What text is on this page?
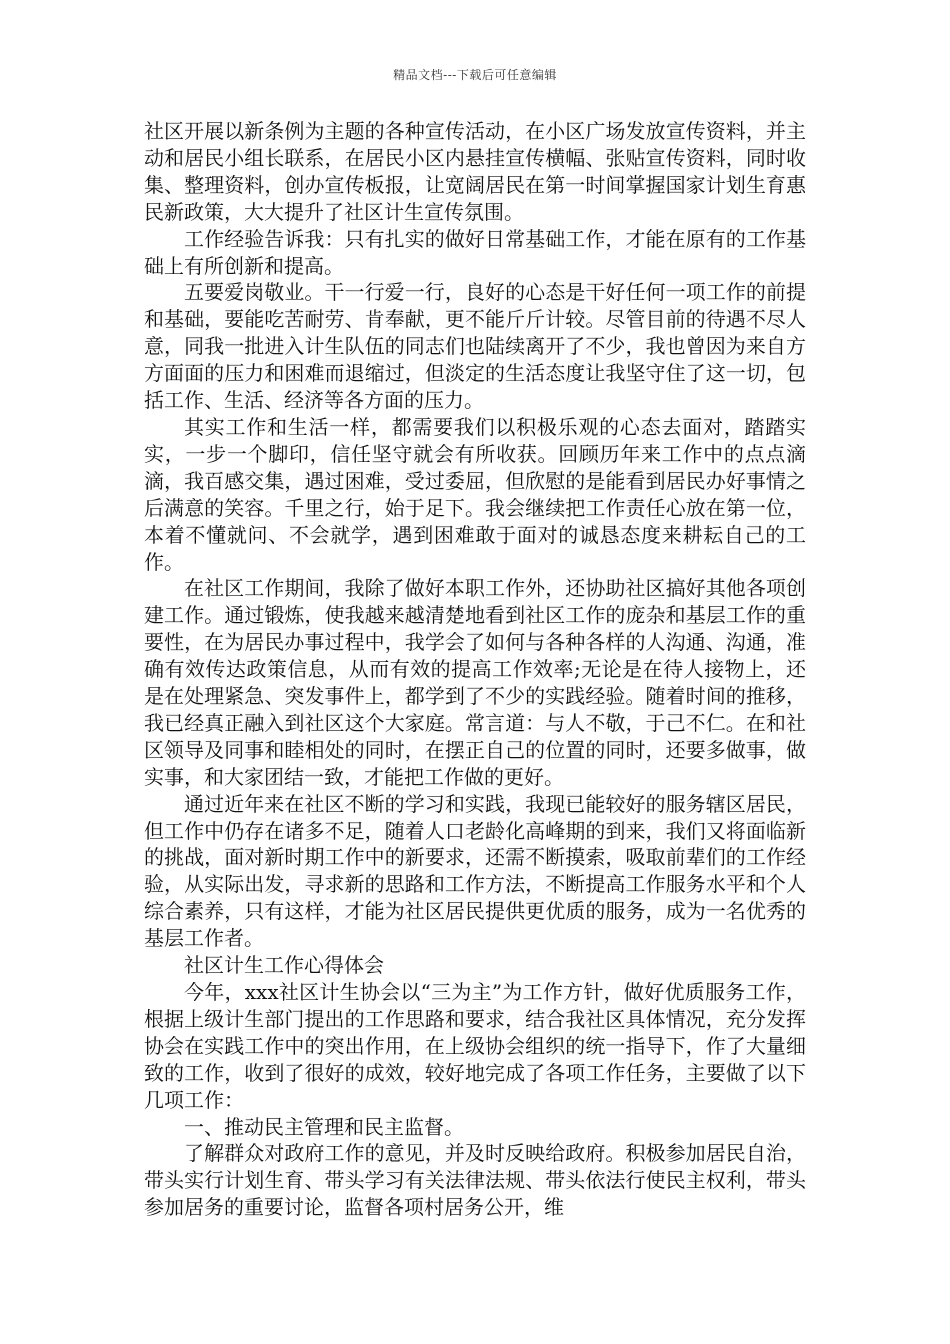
精品文档---下载后可任意编辑

社区开展以新条例为主题的各种宣传活动，在小区广场发放宣传资料，并主动和居民小组长联系，在居民小区内悬挂宣传横幅、张贴宣传资料，同时收集、整理资料，创办宣传板报，让宽阔居民在第一时间掌握国家计划生育惠民新政策，大大提升了社区计生宣传氛围。

工作经验告诉我：只有扎实的做好日常基础工作，才能在原有的工作基础上有所创新和提高。

五要爱岗敬业。干一行爱一行，良好的心态是干好任何一项工作的前提和基础，要能吃苦耐劳、肯奉献，更不能斤斤计较。尽管目前的待遇不尽人意，同我一批进入计生队伍的同志们也陆续离开了不少，我也曾因为来自方方面面的压力和困难而退缩过，但淡定的生活态度让我坚守住了这一切，包括工作、生活、经济等各方面的压力。

其实工作和生活一样，都需要我们以积极乐观的心态去面对，踏踏实实，一步一个脚印，信任坚守就会有所收获。回顾历年来工作中的点点滴滴，我百感交集，遇过困难，受过委屈，但欣慰的是能看到居民办好事情之后满意的笑容。千里之行，始于足下。我会继续把工作责任心放在第一位，本着不懂就问、不会就学，遇到困难敢于面对的诚恳态度来耕耘自己的工作。

在社区工作期间，我除了做好本职工作外，还协助社区搞好其他各项创建工作。通过锻炼，使我越来越清楚地看到社区工作的庞杂和基层工作的重要性，在为居民办事过程中，我学会了如何与各种各样的人沟通、沟通，准确有效传达政策信息，从而有效的提高工作效率;无论是在待人接物上，还是在处理紧急、突发事件上，都学到了不少的实践经验。随着时间的推移，我已经真正融入到社区这个大家庭。常言道：与人不敬，于己不仁。在和社区领导及同事和睦相处的同时，在摆正自己的位置的同时，还要多做事，做实事，和大家团结一致，才能把工作做的更好。

通过近年来在社区不断的学习和实践，我现已能较好的服务辖区居民，但工作中仍存在诸多不足，随着人口老龄化高峰期的到来，我们又将面临新的挑战，面对新时期工作中的新要求，还需不断摸索，吸取前辈们的工作经验，从实际出发，寻求新的思路和工作方法，不断提高工作服务水平和个人综合素养，只有这样，才能为社区居民提供更优质的服务，成为一名优秀的基层工作者。

社区计生工作心得体会

今年，xxx社区计生协会以“三为主”为工作方针，做好优质服务工作，根据上级计生部门提出的工作思路和要求，结合我社区具体情况，充分发挥协会在实践工作中的突出作用，在上级协会组织的统一指导下，作了大量细致的工作，收到了很好的成效，较好地完成了各项工作任务，主要做了以下几项工作：

一、推动民主管理和民主监督。

了解群众对政府工作的意见，并及时反映给政府。积极参加居民自治，带头实行计划生育、带头学习有关法律法规、带头依法行使民主权利，带头参加居务的重要讨论，监督各项村居务公开，维
